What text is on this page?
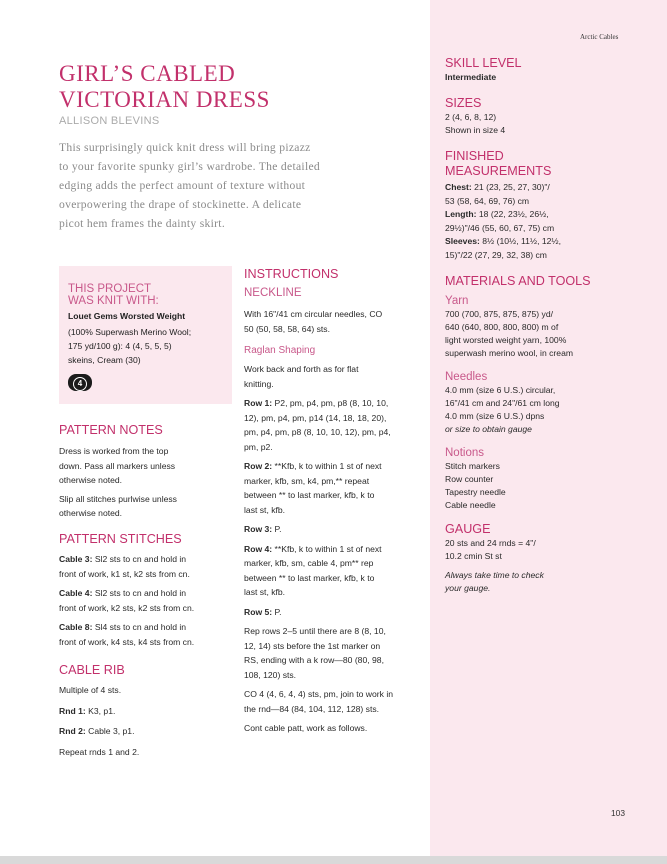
Arctic Cables
GIRL’S CABLED
VICTORIAN DRESS
ALLISON BLEVINS

This surprisingly quick knit dress will bring pizazz
to your favorite spunky girl’s wardrobe. The detailed
edging adds the perfect amount of texture without
overpowering the drape of stockinette. A delicate
picot hem frames the dainty skirt.

THIS PROJECT
WAS KNIT WITH:
Louet Gems Worsted Weight
(100% Superwash Merino Wool;
175 yd/100 g): 4 (4, 5, 5, 5)
skeins, Cream (30)
4
PATTERN NOTES

Dress is worked from the top
down. Pass all markers unless
otherwise noted.

Slip all stitches purlwise unless
otherwise noted.

PATTERN STITCHES

Cable 3: Sl2 sts to cn and hold in
front of work, k1 st, k2 sts from cn.

Cable 4: Sl2 sts to cn and hold in
front of work, k2 sts, k2 sts from cn.

Cable 8: Sl4 sts to cn and hold in
front of work, k4 sts, k4 sts from cn.

CABLE RIB

Multiple of 4 sts.

Rnd 1: K3, p1.

Rnd 2: Cable 3, p1.

Repeat rnds 1 and 2.

INSTRUCTIONS
NECKLINE

With 16"/41 cm circular needles, CO
50 (50, 58, 58, 64) sts.

Raglan Shaping

Work back and forth as for flat
knitting.

Row 1: P2, pm, p4, pm, p8 (8, 10, 10,
12), pm, p4, pm, p14 (14, 18, 18, 20),
pm, p4, pm, p8 (8, 10, 10, 12), pm, p4,
pm, p2.

Row 2: **Kfb, k to within 1 st of next
marker, kfb, sm, k4, pm,** repeat
between ** to last marker, kfb, k to
last st, kfb.

Row 3: P.

Row 4: **Kfb, k to within 1 st of next
marker, kfb, sm, cable 4, pm** rep
between ** to last marker, kfb, k to
last st, kfb.

Row 5: P.

Rep rows 2–5 until there are 8 (8, 10,
12, 14) sts before the 1st marker on
RS, ending with a k row—80 (80, 98,
108, 120) sts.

CO 4 (4, 6, 4, 4) sts, pm, join to work in
the rnd—84 (84, 104, 112, 128) sts.

Cont cable patt, work as follows.

SKILL LEVEL

Intermediate

SIZES

2 (4, 6, 8, 12)
Shown in size 4

FINISHED
MEASUREMENTS

Chest: 21 (23, 25, 27, 30)"/
53 (58, 64, 69, 76) cm

Length: 18 (22, 23½, 26½,
29½)"/46 (55, 60, 67, 75) cm

Sleeves: 8½ (10½, 11½, 12½,
15)"/22 (27, 29, 32, 38) cm

MATERIALS AND TOOLS
Yarn

700 (700, 875, 875, 875) yd/
640 (640, 800, 800, 800) m of
light worsted weight yarn, 100%
superwash merino wool, in cream

Needles

4.0 mm (size 6 U.S.) circular,
16"/41 cm and 24"/61 cm long
4.0 mm (size 6 U.S.) dpns
or size to obtain gauge

Notions

Stitch markers
Row counter
Tapestry needle
Cable needle

GAUGE

20 sts and 24 rnds = 4"/
10.2 cmin St st

Always take time to check
your gauge.

103
